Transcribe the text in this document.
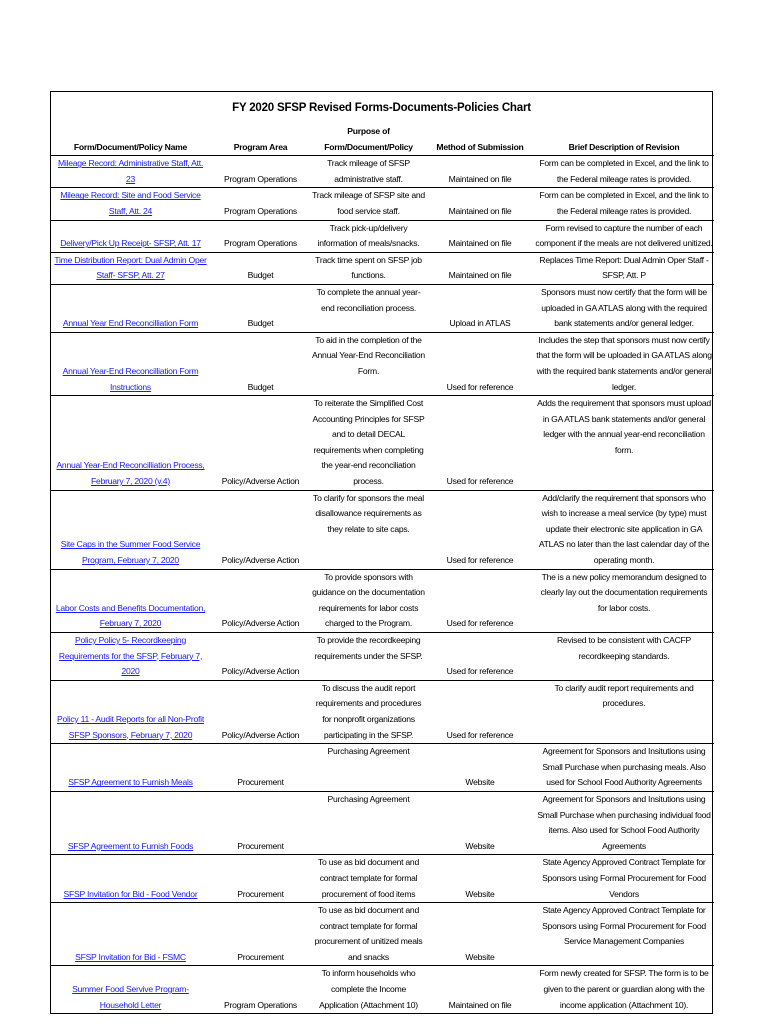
FY 2020 SFSP Revised Forms-Documents-Policies Chart
Form/Document/Policy Name	Program Area	Purpose of Form/Document/Policy	Method of Submission	Brief Description of Revision
Mileage Record: Administrative Staff, Att. 23	Program Operations	Track mileage of SFSP administrative staff.	Maintained on file	Form can be completed in Excel, and the link to the Federal mileage rates is provided.
Mileage Record: Site and Food Service Staff, Att. 24	Program Operations	Track mileage of SFSP site and food service staff.	Maintained on file	Form can be completed in Excel, and the link to the Federal mileage rates is provided.
Delivery/Pick Up Receipt- SFSP, Att. 17	Program Operations	Track pick-up/delivery information of meals/snacks.	Maintained on file	Form revised to capture the number of each component if the meals are not delivered unitized.
Time Distribution Report: Dual Admin Oper Staff- SFSP, Att. 27	Budget	Track time spent on SFSP job functions.	Maintained on file	Replaces Time Report: Dual Admin Oper Staff - SFSP, Att. P
Annual Year End Reconcilliation Form	Budget	To complete the annual year-end reconciliation process.	Upload in ATLAS	Sponsors must now certify that the form will be uploaded in GA ATLAS along with the required bank statements and/or general ledger.
Annual Year-End Reconcilliation Form Instructions	Budget	To aid in the completion of the Annual Year-End Reconciliation Form.	Used for reference	Includes the step that sponsors must now certify that the form will be uploaded in GA ATLAS along with the required bank statements and/or general ledger.
Annual Year-End Reconcilliation Process, February 7, 2020 (v.4)	Policy/Adverse Action	To reiterate the Simplified Cost Accounting Principles for SFSP and to detail DECAL requirements when completing the year-end reconciliation process.	Used for reference	Adds the requirement that sponsors must upload in GA ATLAS bank statements and/or general ledger with the annual year-end reconciliation form.
Site Caps in the Summer Food Service Program, February 7, 2020	Policy/Adverse Action	To clarify for sponsors the meal disallowance requirements as they relate to site caps.	Used for reference	Add/clarify the requirement that sponsors who wish to increase a meal service (by type) must update their electronic site application in GA ATLAS no later than the last calendar day of the operating month.
Labor Costs and Benefits Documentation, February 7, 2020	Policy/Adverse Action	To provide sponsors with guidance on the documentation requirements for labor costs charged to the Program.	Used for reference	The is a new policy memorandum designed to clearly lay out the documentation requirements for labor costs.
Policy Policy 5- Recordkeeping Requirements for the SFSP, February 7, 2020	Policy/Adverse Action	To provide the recordkeeping requirements under the SFSP.	Used for reference	Revised to be consistent with CACFP recordkeeping standards.
Policy 11 - Audit Reports for all Non-Profit SFSP Sponsors, February 7, 2020	Policy/Adverse Action	To discuss the audit report requirements and procedures for nonprofit organizations participating in the SFSP.	Used for reference	To clarify audit report requirements and procedures.
SFSP Agreement to Furnish Meals	Procurement	Purchasing Agreement	Website	Agreement for Sponsors and Insitutions using Small Purchase when purchasing meals. Also used for School Food Authority Agreements
SFSP Agreement to Furnish Foods	Procurement	Purchasing Agreement	Website	Agreement for Sponsors and Insitutions using Small Purchase when purchasing individual food items. Also used for School Food Authority Agreements
SFSP Invitation for Bid - Food Vendor	Procurement	To use as bid document and contract template for formal procurement of food items	Website	State Agency Approved Contract Template for Sponsors using Formal Procurement for Food Vendors
SFSP Invitation for Bid - FSMC	Procurement	To use as bid document and contract template for formal procurement of unitized meals and snacks	Website	State Agency Approved Contract Template for Sponsors using Formal Procurement for Food Service Management Companies
Summer Food Servive Program- Household Letter	Program Operations	To inform households who complete the Income Application (Attachment 10)	Maintained on file	Form newly created for SFSP. The form is to be given to the parent or guardian along with the income application (Attachment 10).
